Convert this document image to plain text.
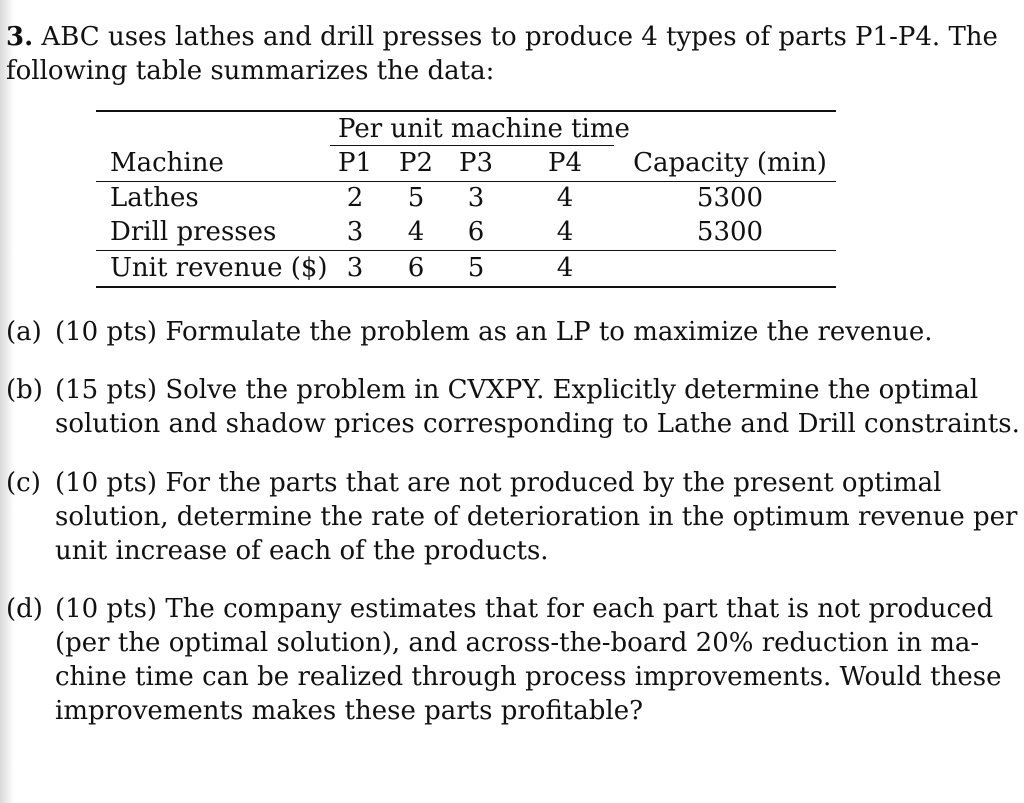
3. ABC uses lathes and drill presses to produce 4 types of parts P1-P4. The
following table summarizes the data:
Per unit machine time
Machine	P1 P2 P3 P4	Capacity (min)
Lathes	2	5	3	4	5300
Drill presses	3	4	6	4	5300
Unit revenue ($) 3	6	5	4
(a) (10 pts) Formulate the problem as an LP to maximize the revenue.
(b) (15 pts) Solve the problem in CVXPY. Explicitly determine the optimal
solution and shadow prices corresponding to Lathe and Drill constraints.
(c) (10 pts) For the parts that are not produced by the present optimal
solution, determine the rate of deterioration in the optimum revenue per
unit increase of each of the products.
(d) (10 pts) The company estimates that for each part that is not produced
(per the optimal solution), and across-the-board 20% reduction in ma-
chine time can be realized through process improvements. Would these
improvements makes these parts profitable?
